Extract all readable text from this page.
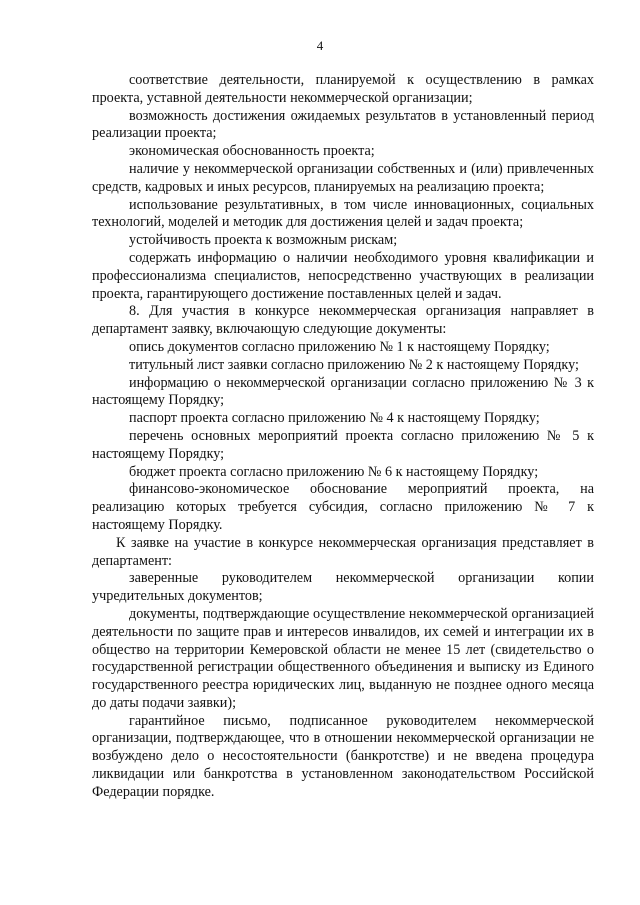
4

соответствие деятельности, планируемой к осуществлению в рамках проекта, уставной деятельности некоммерческой организации;

возможность достижения ожидаемых результатов в установленный период реализации проекта;

экономическая обоснованность проекта;

наличие у некоммерческой организации собственных и (или) привлеченных средств, кадровых и иных ресурсов, планируемых на реализацию проекта;

использование результативных, в том числе инновационных, социальных технологий, моделей и методик для достижения целей и задач проекта;

устойчивость проекта к возможным рискам;

содержать информацию о наличии необходимого уровня квалификации и профессионализма специалистов, непосредственно участвующих в реализации проекта, гарантирующего достижение поставленных целей и задач.

8. Для участия в конкурсе некоммерческая организация направляет в департамент заявку, включающую следующие документы:

опись документов согласно приложению № 1 к настоящему Порядку;

титульный лист заявки согласно приложению № 2 к настоящему Порядку;

информацию о некоммерческой организации согласно приложению № 3 к настоящему Порядку;

паспорт проекта согласно приложению № 4 к настоящему Порядку;

перечень основных мероприятий проекта согласно приложению № 5 к настоящему Порядку;

бюджет проекта согласно приложению № 6 к настоящему Порядку;

финансово-экономическое обоснование мероприятий проекта, на реализацию которых требуется субсидия, согласно приложению № 7 к настоящему Порядку.

К заявке на участие в конкурсе некоммерческая организация представляет в департамент:

заверенные руководителем некоммерческой организации копии учредительных документов;

документы, подтверждающие осуществление некоммерческой организацией деятельности по защите прав и интересов инвалидов, их семей и интеграции их в общество на территории Кемеровской области не менее 15 лет (свидетельство о государственной регистрации общественного объединения и выписку из Единого государственного реестра юридических лиц, выданную не позднее одного месяца до даты подачи заявки);

гарантийное письмо, подписанное руководителем некоммерческой организации, подтверждающее, что в отношении некоммерческой организации не возбуждено дело о несостоятельности (банкротстве) и не введена процедура ликвидации или банкротства в установленном законодательством Российской Федерации порядке.
